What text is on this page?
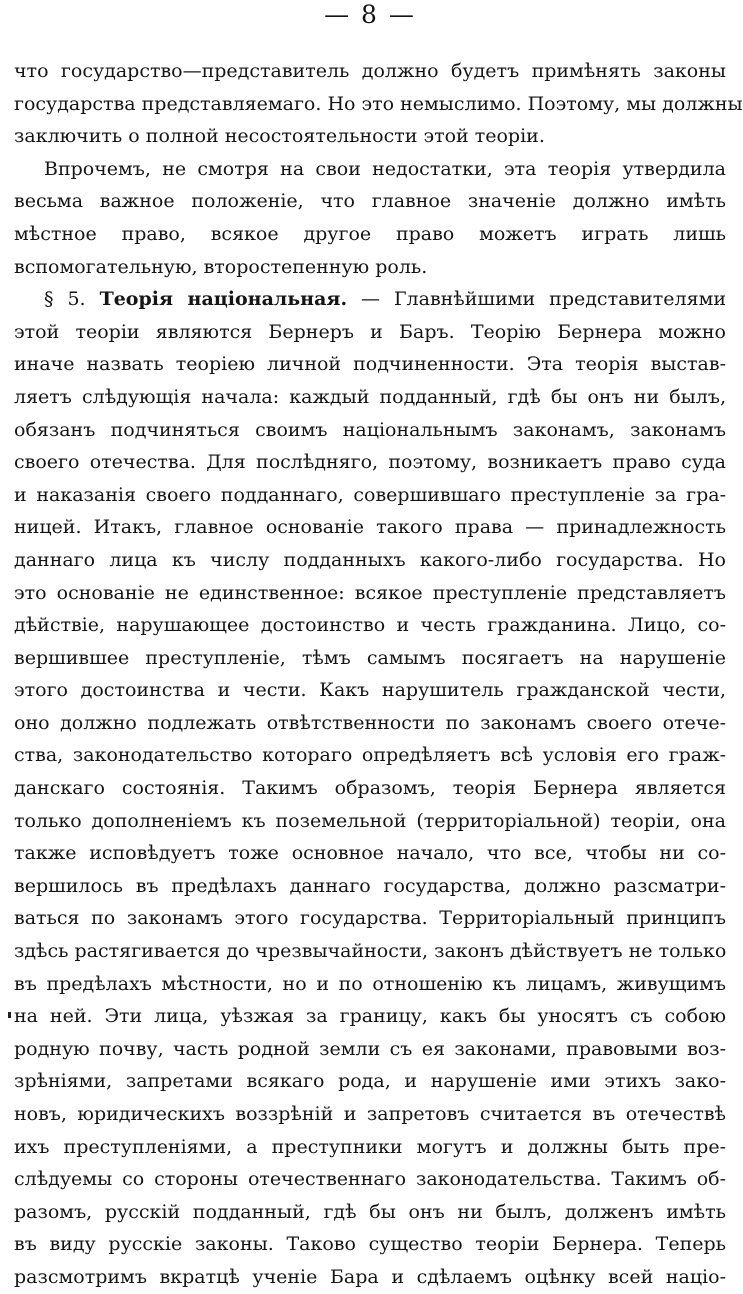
— 8 —
что государство—представитель должно будетъ примѣнять законы
государства представляемаго. Но это немыслимо. Поэтому, мы должны
заключить о полной несостоятельности этой теоріи.
Впрочемъ, не смотря на свои недостатки, эта теорія утвердила
весьма важное положеніе, что главное значеніе должно имѣть
мѣстное право, всякое другое право можетъ играть лишь
вспомогательную, второстепенную роль.
§ 5. Теорія національная. — Главнѣйшими представителями
этой теоріи являются Бернеръ и Баръ. Теорію Бернера можно
иначе назвать теоріею личной подчиненности. Эта теорія выстав-
ляетъ слѣдующія начала: каждый подданный, гдѣ бы онъ ни былъ,
обязанъ подчиняться своимъ національнымъ законамъ, законамъ
своего отечества. Для послѣдняго, поэтому, возникаетъ право суда
и наказанія своего подданнаго, совершившаго преступленіе за гра-
ницей. Итакъ, главное основаніе такого права — принадлежность
даннаго лица къ числу подданныхъ какого-либо государства. Но
это основаніе не единственное: всякое преступленіе представляетъ
дѣйствіе, нарушающее достоинство и честь гражданина. Лицо, со-
вершившее преступленіе, тѣмъ самымъ посягаетъ на нарушеніе
этого достоинства и чести. Какъ нарушитель гражданской чести,
оно должно подлежать отвѣтственности по законамъ своего отече-
ства, законодательство котораго опредѣляетъ всѣ условія его граж-
данскаго состоянія. Такимъ образомъ, теорія Бернера является
только дополненіемъ къ поземельной (территоріальной) теоріи, она
также исповѣдуетъ тоже основное начало, что все, чтобы ни со-
вершилось въ предѣлахъ даннаго государства, должно разсматри-
ваться по законамъ этого государства. Территоріальный принципъ
здѣсь растягивается до чрезвычайности, законъ дѣйствуетъ не только
въ предѣлахъ мѣстности, но и по отношенію къ лицамъ, живущимъ
на ней. Эти лица, уѣзжая за границу, какъ бы уносятъ съ собою
родную почву, часть родной земли съ ея законами, правовыми воз-
зрѣніями, запретами всякаго рода, и нарушеніе ими этихъ зако-
новъ, юридическихъ воззрѣній и запретовъ считается въ отечествѣ
ихъ преступленіями, а преступники могутъ и должны быть пре-
слѣдуемы со стороны отечественнаго законодательства. Такимъ об-
разомъ, русскій подданный, гдѣ бы онъ ни былъ, долженъ имѣть
въ виду русскіе законы. Таково существо теоріи Бернера. Теперь
разсмотримъ вкратцѣ ученіе Бара и сдѣлаемъ оцѣнку всей націо-
